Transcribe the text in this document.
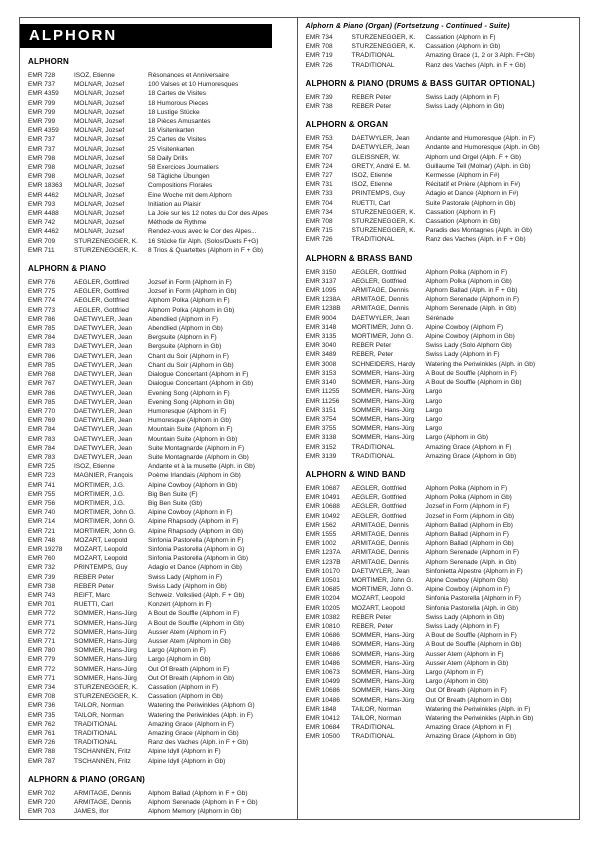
ALPHORN
ALPHORN
EMR 728	ISOZ, Etienne	Résonances et Anniversaire
EMR 737	MOLNAR, Jozsef	100 Valses et 10 Humoresques
EMR 4359	MOLNAR, Jozsef	18 Cartes de Visites
EMR 799	MOLNAR, Jozsef	18 Humorous Pieces
EMR 799	MOLNAR, Jozsef	18 Lustige Stücke
EMR 799	MOLNAR, Jozsef	18 Pièces Amusantes
EMR 4359	MOLNAR, Jozsef	18 Visitenkarten
EMR 737	MOLNAR, Jozsef	25 Cartes de Visites
EMR 737	MOLNAR, Jozsef	25 Visitenkarten
EMR 798	MOLNAR, Jozsef	58 Daily Drills
EMR 798	MOLNAR, Jozsef	58 Exercices Journaliers
EMR 798	MOLNAR, Jozsef	58 Tägliche Übungen
EMR 18363	MOLNAR, Jozsef	Compositions Florales
EMR 4462	MOLNAR, Jozsef	Eine Woche mit dem Alphorn
EMR 793	MOLNAR, Jozsef	Initiation au Plaisir
EMR 4488	MOLNAR, Jozsef	La Joie sur les 12 notes du Cor des Alpes
EMR 742	MOLNAR, Jozsef	Méthode de Rythme
EMR 4462	MOLNAR, Jozsef	Rendez-vous avec le Cor des Alpes...
EMR 709	STURZENEGGER, K.	16 Stücke für Alph. (Solos/Duets F+G)
EMR 711	STURZENEGGER, K.	8 Trios & Quartettes (Alphorn in F + Gb)
ALPHORN & PIANO
EMR 776	AEGLER, Gottfired	Jozsef in Form (Alphorn in F)
EMR 775	AEGLER, Gottfired	Jozsef in Form (Alphorn in Gb)
EMR 774	AEGLER, Gottfried	Alphorn Polka (Alphorn in F)
EMR 773	AEGLER, Gottfried	Alphorn Polka (Alphorn in Gb)
EMR 786	DAETWYLER, Jean	Abendlied (Alphorn in F)
EMR 785	DAETWYLER, Jean	Abendlied (Alphorn in Gb)
EMR 784	DAETWYLER, Jean	Bergsuite (Alphorn in F)
EMR 783	DAETWYLER, Jean	Bergsuite (Alphorn in Gb)
EMR 786	DAETWYLER, Jean	Chant du Soir (Alphorn in F)
EMR 785	DAETWYLER, Jean	Chant du Soir (Alphorn in Gb)
EMR 768	DAETWYLER, Jean	Dialogue Concertant (Alphorn in F)
EMR 767	DAETWYLER, Jean	Dialogue Concertant (Alphorn in Gb)
EMR 786	DAETWYLER, Jean	Evening Song (Alphorn in F)
EMR 785	DAETWYLER, Jean	Evening Song (Alphorn in Gb)
EMR 770	DAETWYLER, Jean	Humoresque (Alphorn in F)
EMR 769	DAETWYLER, Jean	Humoresque (Alphorn in Gb)
EMR 784	DAETWYLER, Jean	Mountain Suite (Alphorn in F)
EMR 783	DAETWYLER, Jean	Mountain Suite (Alphorn in Gb)
EMR 784	DAETWYLER, Jean	Suite Montagnarde (Alphorn in F)
EMR 783	DAETWYLER, Jean	Suite Montagnarde (Alphorn in Gb)
EMR 725	ISOZ, Etienne	Andante et à la musette (Alph. in Gb)
EMR 723	MAGNIER, François	Poème Irlandais (Alphorn in Gb)
EMR 741	MORTIMER, J.G.	Alpine Cowboy (Alphorn in Gb)
EMR 755	MORTIMER, J.G.	Big Ben Suite (F)
EMR 756	MORTIMER, J.G.	Big Ben Suite (Gb)
EMR 740	MORTIMER, John G.	Alpine Cowboy (Alphorn in F)
EMR 714	MORTIMER, John G.	Alpine Rhapsody (Alphorn in F)
EMR 721	MORTIMER, John G.	Alpine Rhapsody (Alphorn in Gb)
EMR 748	MOZART, Leopold	Sinfonia Pastorella (Alphorn in F)
EMR 19278	MOZART, Leopold	Sinfonia Pastorella (Alphorn in G)
EMR 760	MOZART, Leopold	Sinfonia Pastorella (Alphorn in Gb)
EMR 732	PRINTEMPS, Guy	Adagio et Dance (Alphorn in Gb)
EMR 739	REBER Peter	Swiss Lady (Alphorn in F)
EMR 738	REBER Peter	Swiss Lady (Alphorn in Gb)
EMR 743	REIFT, Marc	Schweiz. Volkslied (Alph. F + Gb)
EMR 701	RUETTI, Carl	Konzert (Alphorn in F)
EMR 772	SOMMER, Hans-Jürg	A Bout de Souffle (Alphorn in F)
EMR 771	SOMMER, Hans-Jürg	A Bout de Souffle (Alphorn in Gb)
EMR 772	SOMMER, Hans-Jürg	Ausser Atem (Alphorn in F)
EMR 771	SOMMER, Hans-Jürg	Ausser Atem (Alphorn in Gb)
EMR 780	SOMMER, Hans-Jürg	Largo (Alphorn in F)
EMR 779	SOMMER, Hans-Jürg	Largo (Alphorn in Gb)
EMR 772	SOMMER, Hans-Jürg	Out Of Breath (Alphorn in F)
EMR 771	SOMMER, Hans-Jürg	Out Of Breath (Alphorn in Gb)
EMR 734	STURZENEGGER, K.	Cassation (Alphorn in F)
EMR 708	STURZENEGGER, K.	Cassation (Alphorn in Gb)
EMR 736	TAILOR, Norman	Watering the Periwinkles (Alphorn G)
EMR 735	TAILOR, Norman	Watering the Periwinkles (Alph. in F)
EMR 762	TRADITIONAL	Amazing Grace (Alphorn in F)
EMR 761	TRADITIONAL	Amazing Grace (Alphorn in Gb)
EMR 726	TRADITIONAL	Ranz des Vaches (Alph. in F + Gb)
EMR 788	TSCHANNEN, Fritz	Alpine Idyll (Alphorn in F)
EMR 787	TSCHANNEN, Fritz	Alpine Idyll (Alphorn in Gb)
ALPHORN & PIANO (ORGAN)
EMR 702	ARMITAGE, Dennis	Alphorn Ballad (Alphorn in F + Gb)
EMR 720	ARMITAGE, Dennis	Alphorn Serenade (Alphorn in F + Gb)
EMR 703	JAMES, Ifor	Alphorn Memory (Alphorn in Gb)
Alphorn & Piano (Organ) (Fortsetzung - Continued - Suite)
EMR 734	STURZENEGGER, K.	Cassation (Alphorn in F)
EMR 708	STURZENEGGER, K.	Cassation (Alphorn in Gb)
EMR 719	TRADITIONAL	Amazing Grace (1, 2 or 3 Alph. F+Gb)
EMR 726	TRADITIONAL	Ranz des Vaches (Alph. in F + Gb)
ALPHORN & PIANO (DRUMS & BASS GUITAR OPTIONAL)
EMR 739	REBER Peter	Swiss Lady (Alphorn in F)
EMR 738	REBER Peter	Swiss Lady (Alphorn in Gb)
ALPHORN & ORGAN
EMR 753	DAETWYLER, Jean	Andante and Humoresque (Alph. in F)
EMR 754	DAETWYLER, Jean	Andante and Humoresque (Alph. in Gb)
EMR 707	GLEISSNER, W.	Alphorn und Orgel (Alph. F + Gb)
EMR 724	GRETY, André E. M.	Guillaume Tell (Molnar) (Alph. in Gb)
EMR 727	ISOZ, Etienne	Kermesse (Alphorn in F#)
EMR 731	ISOZ, Etienne	Récitatif et Prière (Alphorn in F#)
EMR 733	PRINTEMPS, Guy	Adagio et Dance (Alphorn in F#)
EMR 704	RUETTI, Carl	Suite Pastorale (Alphorn in Gb)
EMR 734	STURZENEGGER, K.	Cassation (Alphorn in F)
EMR 708	STURZENEGGER, K.	Cassation (Alphorn in Gb)
EMR 715	STURZENEGGER, K.	Paradis des Montagnes (Alph. in Gb)
EMR 726	TRADITIONAL	Ranz des Vaches (Alph. in F + Gb)
ALPHORN & BRASS BAND
EMR 3150	AEGLER, Gottfried	Alphorn Polka (Alphorn in F)
EMR 3137	AEGLER, Gottfried	Alphorn Polka (Alphorn in Gb)
EMR 1095	ARMITAGE, Dennis	Alphorn Ballad (Alph. in F + Gb)
EMR 1238A	ARMITAGE, Dennis	Alphorn Serenade (Alphorn in F)
EMR 1238B	ARMITAGE, Dennis	Alphorn Serenade (Alph. in Gb)
EMR 9004	DAETWYLER, Jean	Sérénade
EMR 3148	MORTIMER, John G.	Alpine Cowboy (Alphorn F)
EMR 3135	MORTIMER, John G.	Alpine Cowboy (Alphorn in Gb)
EMR 3040	REBER Peter	Swiss Lady (Solo Alphorn Gb)
EMR 3489	REBER, Peter	Swiss Lady (Alphorn in F)
EMR 3008	SCHNEIDERS, Hardy	Watering the Periwinkles (Alph. in Gb)
EMR 3153	SOMMER, Hans-Jürg	A Bout de Souffle (Alphorn in F)
EMR 3140	SOMMER, Hans-Jürg	A Bout de Souffle (Alphorn in Gb)
EMR 11255	SOMMER, Hans-Jürg	Largo
EMR 11256	SOMMER, Hans-Jürg	Largo
EMR 3151	SOMMER, Hans-Jürg	Largo
EMR 3754	SOMMER, Hans-Jürg	Largo
EMR 3755	SOMMER, Hans-Jürg	Largo
EMR 3138	SOMMER, Hans-Jürg	Largo (Alphorn in Gb)
EMR 3152	TRADITIONAL	Amazing Grace (Alphorn in F)
EMR 3139	TRADITIONAL	Amazing Grace (Alphorn in Gb)
ALPHORN & WIND BAND
EMR 10687	AEGLER, Gottfried	Alphorn Polka (Alphorn in F)
EMR 10491	AEGLER, Gottfried	Alphorn Polka (Alphorn in Gb)
EMR 10688	AEGLER, Gottfried	Jozsef in Form (Alphorn in F)
EMR 10492	AEGLER, Gottfried	Jozsef in Form (Alphorn in Gb)
EMR 1562	ARMITAGE, Dennis	Alphorn Ballad (Alphorn in Eb)
EMR 1555	ARMITAGE, Dennis	Alphorn Ballad (Alphorn in F)
EMR 1002	ARMITAGE, Dennis	Alphorn Ballad (Alphorn in Gb)
EMR 1237A	ARMITAGE, Dennis	Alphorn Serenade (Alphorn in F)
EMR 1237B	ARMITAGE, Dennis	Alphorn Serenade (Alph. in Gb)
EMR 10170	DAETWYLER, Jean	Sinfonietta Alpestre (Alphorn in F)
EMR 10501	MORTIMER, John G.	Alpine Cowboy (Alphorn Gb)
EMR 10685	MORTIMER, John G.	Alpine Cowboy (Alphorn in F)
EMR 10204	MOZART, Leopold	Sinfonia Pastorella (Alphorn in F)
EMR 10205	MOZART, Leopold	Sinfonia Pastorella (Alph. in Gb)
EMR 10382	REBER Peter	Swiss Lady (Alphorn in Gb)
EMR 10810	REBER, Peter	Swiss Lady (Alphorn in F)
EMR 10686	SOMMER, Hans-Jürg	A Bout de Souffle (Alphorn in F)
EMR 10486	SOMMER, Hans-Jürg	A Bout de Souffle (Alphorn in Gb)
EMR 10686	SOMMER, Hans-Jürg	Ausser Atem (Alphorn in F)
EMR 10486	SOMMER, Hans-Jürg	Ausser Atem (Alphorn in Gb)
EMR 10673	SOMMER, Hans-Jürg	Largo (Alphorn in F)
EMR 10499	SOMMER, Hans-Jürg	Largo (Alphorn in Gb)
EMR 10686	SOMMER, Hans-Jürg	Out Of Breath (Alphorn in F)
EMR 10486	SOMMER, Hans-Jürg	Out Of Breath (Alphorn in Gb)
EMR 1848	TAILOR, Norman	Watering the Periwinkles (Alph. in F)
EMR 10412	TAILOR, Norman	Watering the Periwinkles (Alph.in Gb)
EMR 10684	TRADITIONAL	Amazing Grace (Alphorn in F)
EMR 10500	TRADITIONAL	Amazing Grace (Alphorn in Gb)
